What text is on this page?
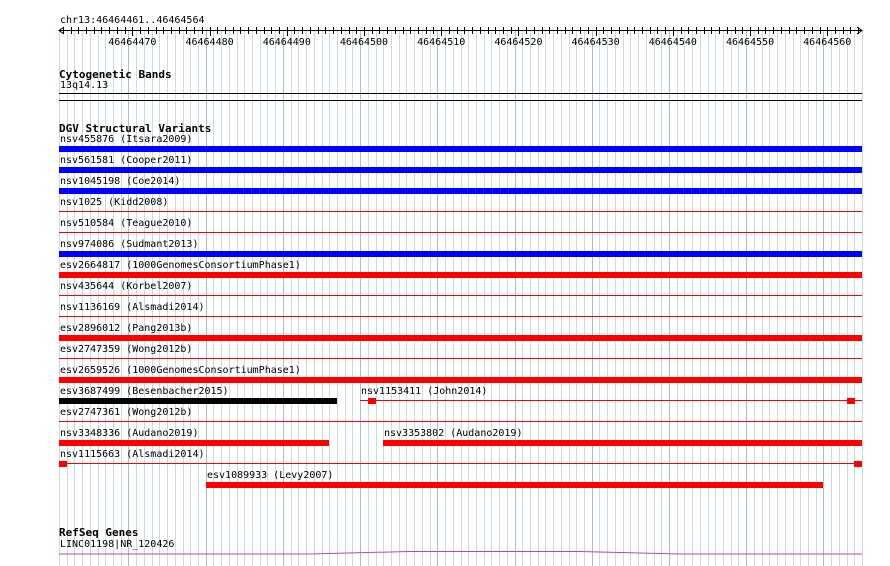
46464470	46464480	46464490	46464500	46464510	46464520	46464530	46464540	46464550	46464560
chr13:46464461..46464564
Cytogenetic Bands
13q14.13
DGV Structural Variants
nsv455876 (Itsara2009)
nsv561581 (Cooper2011)
nsv1045198 (Coe2014)
nsv1025 (Kidd2008)
nsv510584 (Teague2010)
nsv974086 (Sudmant2013)
esv2664817 (1000GenomesConsortiumPhase1)
nsv435644 (Korbel2007)
nsv1136169 (Alsmadi2014)
esv2896012 (Pang2013b)
esv2747359 (Wong2012b)
esv2659526 (1000GenomesConsortiumPhase1)
esv3687499 (Besenbacher2015)	nsv1153411 (John2014)
esv2747361 (Wong2012b)
nsv3348336 (Audano2019)	nsv3353802 (Audano2019)
nsv1115663 (Alsmadi2014)
esv1089933 (Levy2007)
RefSeq Genes
LINC01198|NR_120426
